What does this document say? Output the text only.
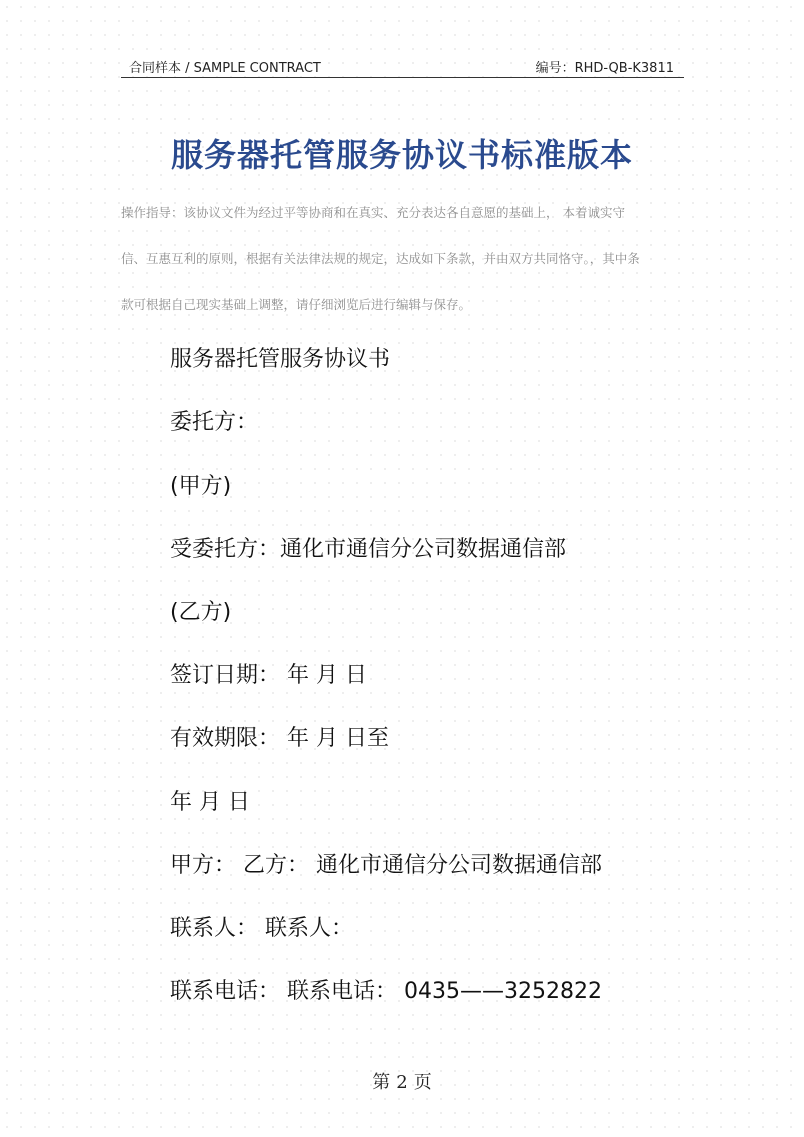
合同样本 / SAMPLE CONTRACT	编号：RHD-QB-K3811
服务器托管服务协议书标准版本
操作指导：该协议文件为经过平等协商和在真实、充分表达各自意愿的基础上， 本着诚实守
信、互惠互利的原则，根据有关法律法规的规定，达成如下条款，并由双方共同恪守。，其中条
款可根据自己现实基础上调整，请仔细浏览后进行编辑与保存。
服务器托管服务协议书
委托方：
(甲方)
受委托方：通化市通信分公司数据通信部
(乙方)
签订日期： 年 月 日
有效期限： 年 月 日至
年 月 日
甲方： 乙方： 通化市通信分公司数据通信部
联系人： 联系人：
联系电话： 联系电话： 0435——3252822
第 2 页
